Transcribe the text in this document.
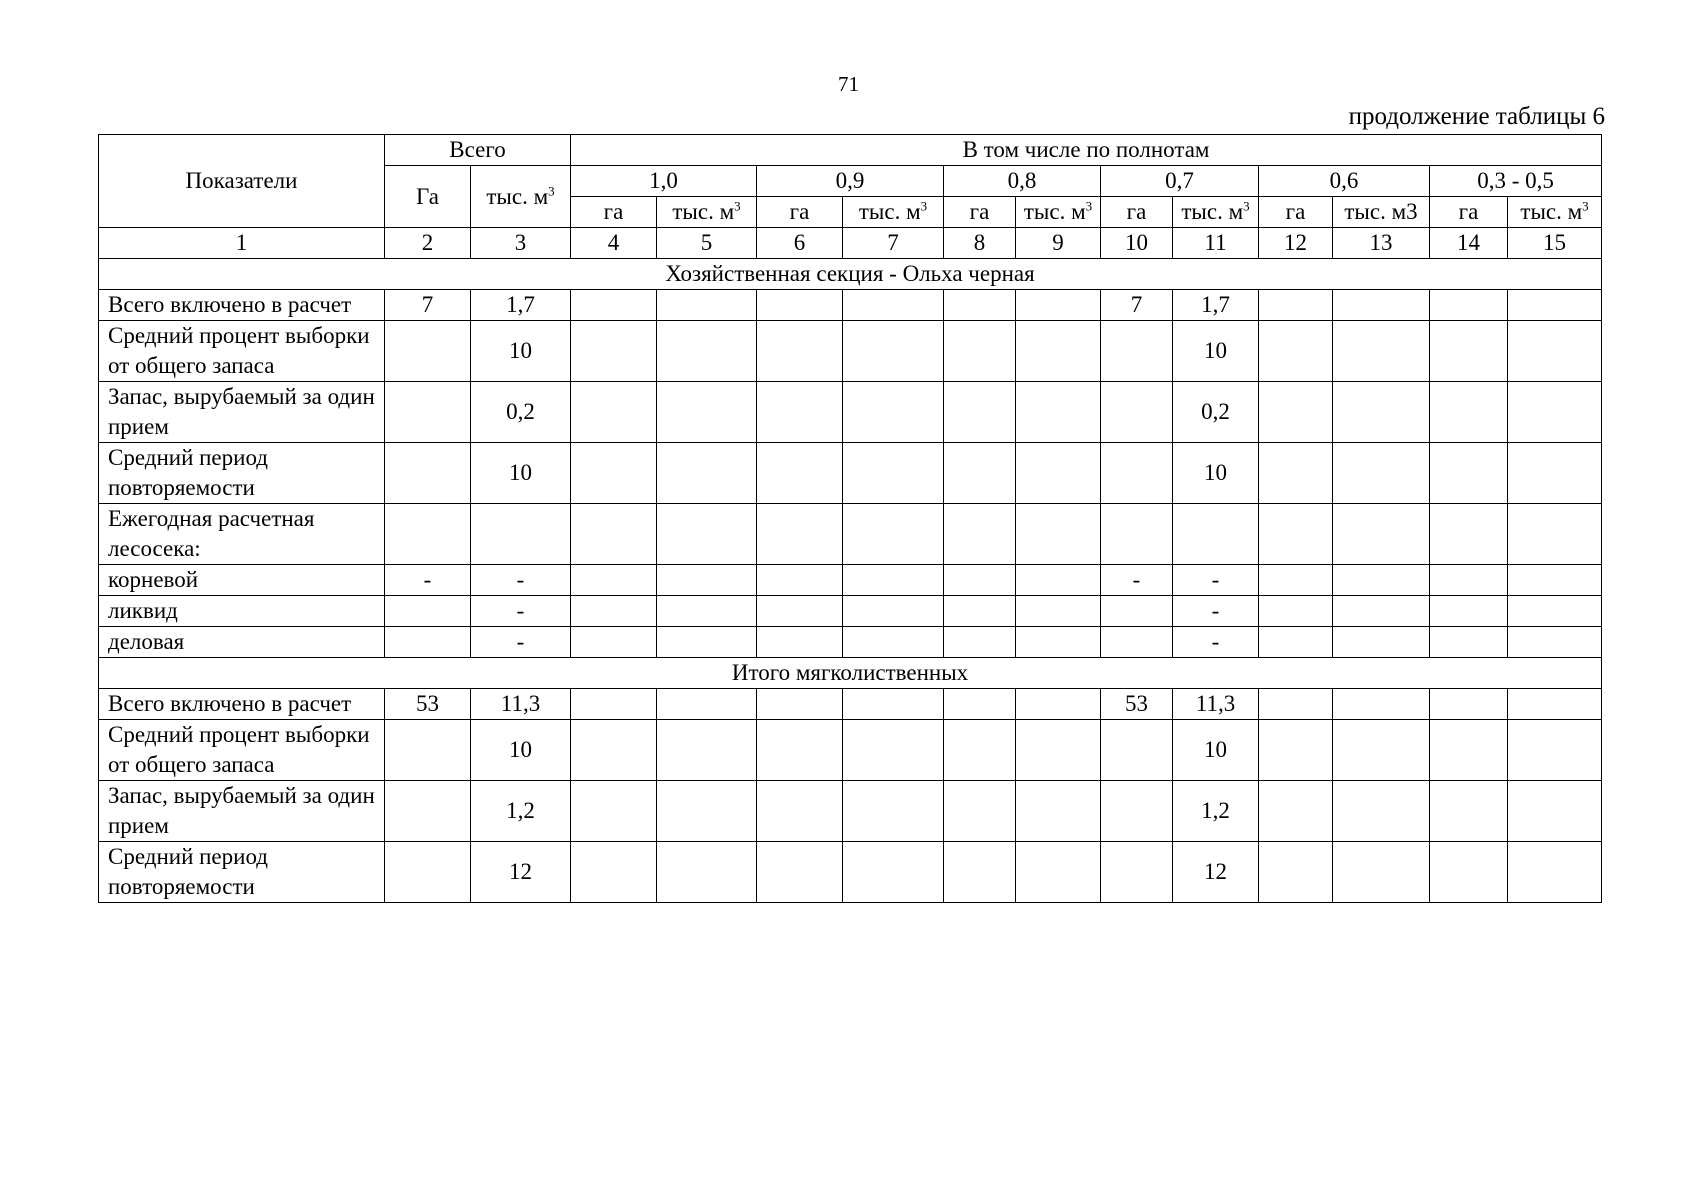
71
продолжение таблицы 6
Показатели	Всего		В том числе по полнотам											
	Га	тыс. $м^3$	1,0		0,9		0,8		0,7		0,6		0,3 - 0,5	
			га	тыс. $м^3$	га	тыс. $м^3$	га	тыс. $м^3$	га	тыс. $м^3$	га	тыс. м3	га	тыс. $м^3$
1	2	3	4	5	6	7	8	9	10	11	12	13	14	15
Хозяйственная секция - Ольха черная														
Всего включено в расчет	7	1,7							7	1,7				
Средний процент выборки от общего запаса		10								10				
Запас, вырубаемый за один прием		0,2								0,2				
Средний период повторяемости		10								10				
Ежегодная расчетная лесосека:														
корневой	-	-							-	-				
ликвид		-								-				
деловая		-								-				
Итого мягколиственных														
Всего включено в расчет	53	11,3							53	11,3				
Средний процент выборки от общего запаса		10								10				
Запас, вырубаемый за один прием		1,2								1,2				
Средний период повторяемости		12								12				
